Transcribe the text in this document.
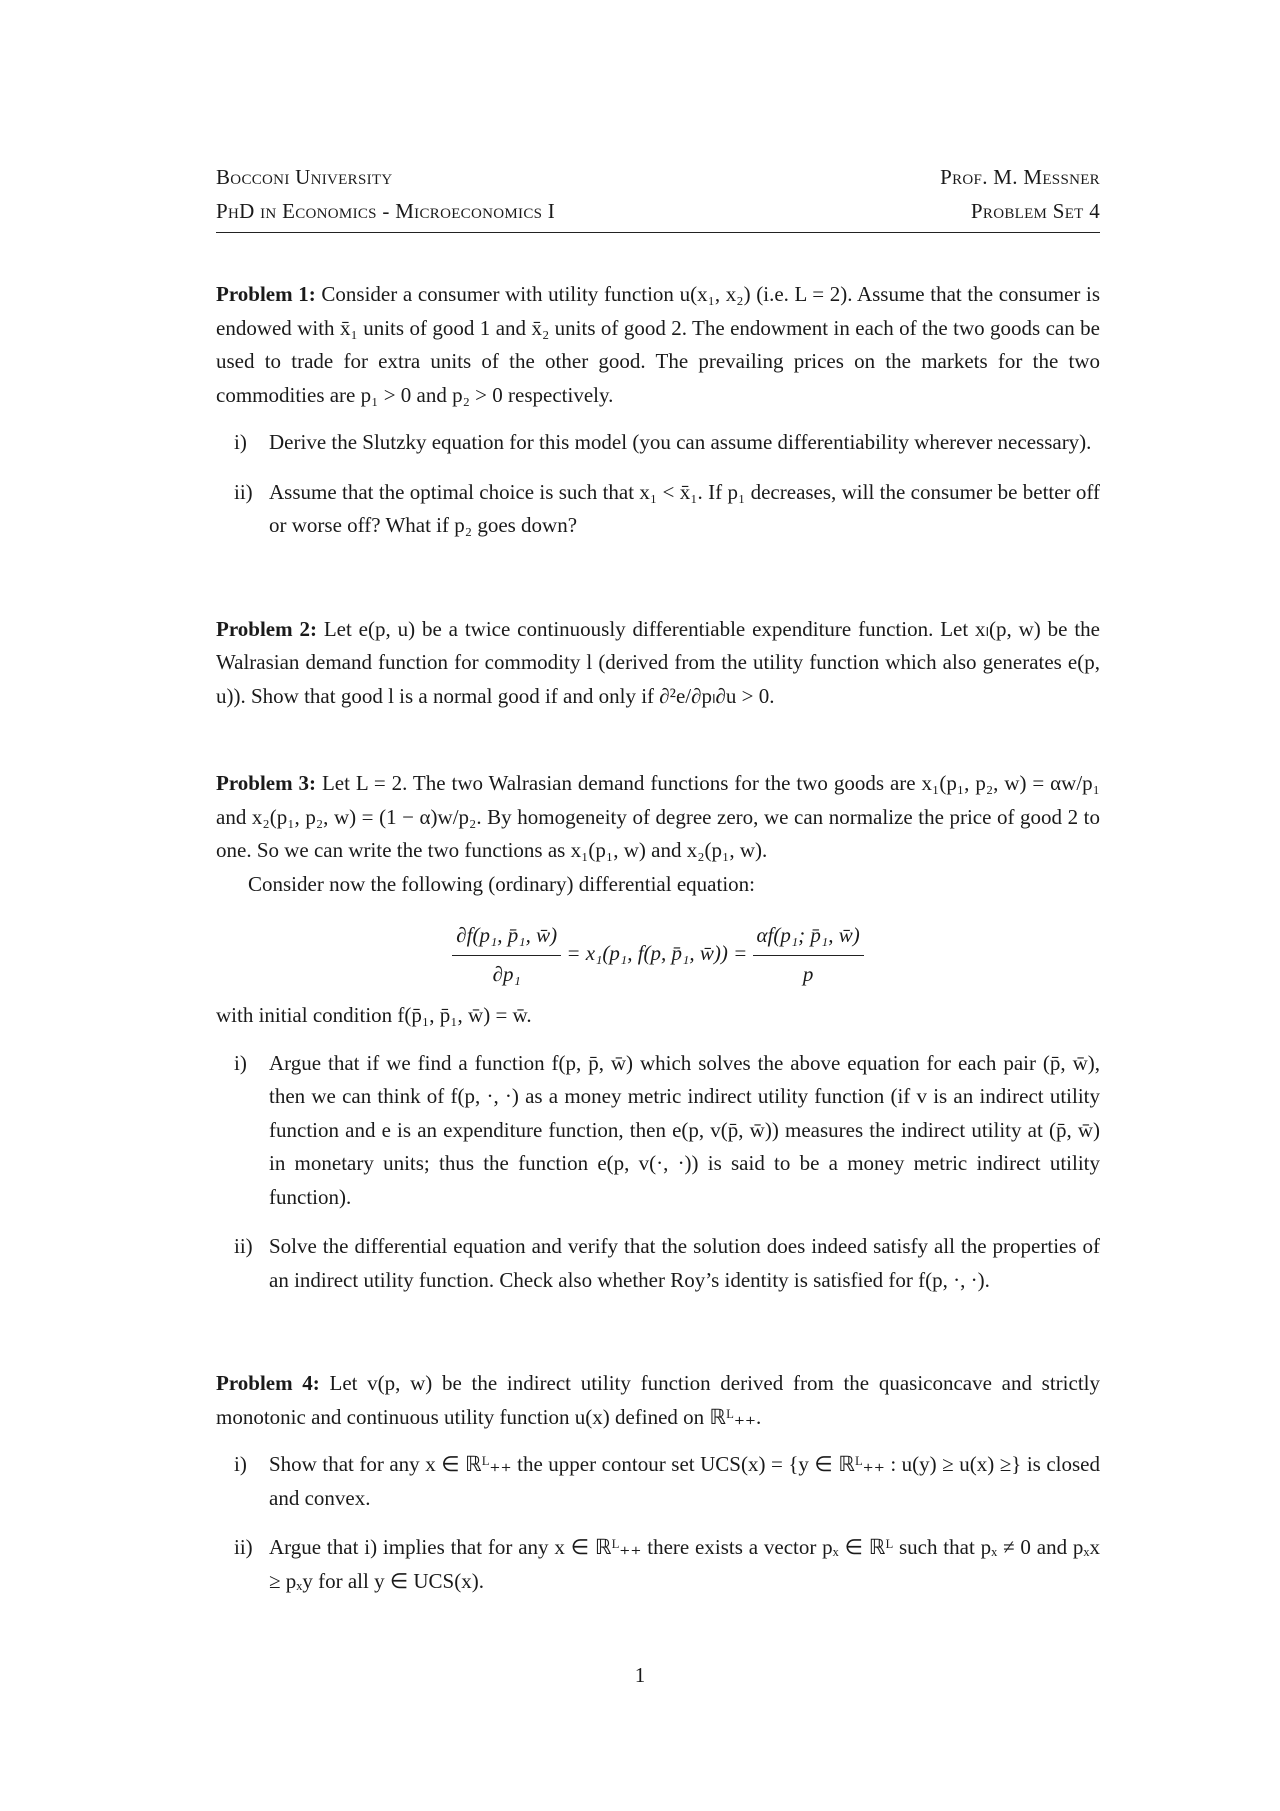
Bocconi University	Prof. M. Messner
PhD in Economics - Microeconomics I	Problem Set 4

Problem 1: Consider a consumer with utility function u(x₁, x₂) (i.e. L = 2). Assume that the consumer is endowed with x̄₁ units of good 1 and x̄₂ units of good 2. The endowment in each of the two goods can be used to trade for extra units of the other good. The prevailing prices on the markets for the two commodities are p₁ > 0 and p₂ > 0 respectively.

i) Derive the Slutzky equation for this model (you can assume differentiability wherever necessary).
ii) Assume that the optimal choice is such that x₁ < x̄₁. If p₁ decreases, will the consumer be better off or worse off? What if p₂ goes down?

Problem 2: Let e(p, u) be a twice continuously differentiable expenditure function. Let xₗ(p, w) be the Walrasian demand function for commodity l (derived from the utility function which also generates e(p, u)). Show that good l is a normal good if and only if ∂²e/∂pₗ∂u > 0.

Problem 3: Let L = 2. The two Walrasian demand functions for the two goods are x₁(p₁, p₂, w) = αw/p₁ and x₂(p₁, p₂, w) = (1 − α)w/p₂. By homogeneity of degree zero, we can normalize the price of good 2 to one. So we can write the two functions as x₁(p₁, w) and x₂(p₁, w).

Consider now the following (ordinary) differential equation:

$\frac{\text{∂f(p₁, p̄₁, w̄)}}{\text{∂p₁}} = x_1(p_1$, f(p, p̄₁, w̄)) = $\frac{\text{αf(p₁; p̄₁, w̄)}}{p}$

with initial condition f(p̄₁, p̄₁, w̄) = w̄.

i) Argue that if we find a function f(p, p̄, w̄) which solves the above equation for each pair (p̄, w̄), then we can think of f(p, ·, ·) as a money metric indirect utility function (if v is an indirect utility function and e is an expenditure function, then e(p, v(p̄, w̄)) measures the indirect utility at (p̄, w̄) in monetary units; thus the function e(p, v(·, ·)) is said to be a money metric indirect utility function).
ii) Solve the differential equation and verify that the solution does indeed satisfy all the properties of an indirect utility function. Check also whether Roy’s identity is satisfied for f(p, ·, ·).

Problem 4: Let v(p, w) be the indirect utility function derived from the quasiconcave and strictly monotonic and continuous utility function u(x) defined on ℝᴸ₊₊.

i) Show that for any x ∈ ℝᴸ₊₊ the upper contour set UCS(x) = {y ∈ ℝᴸ₊₊ : u(y) ≥ u(x) ≥} is closed and convex.
ii) Argue that i) implies that for any x ∈ ℝᴸ₊₊ there exists a vector pₓ ∈ ℝᴸ such that pₓ ≠ 0 and pₓx ≥ pₓy for all y ∈ UCS(x).
1
